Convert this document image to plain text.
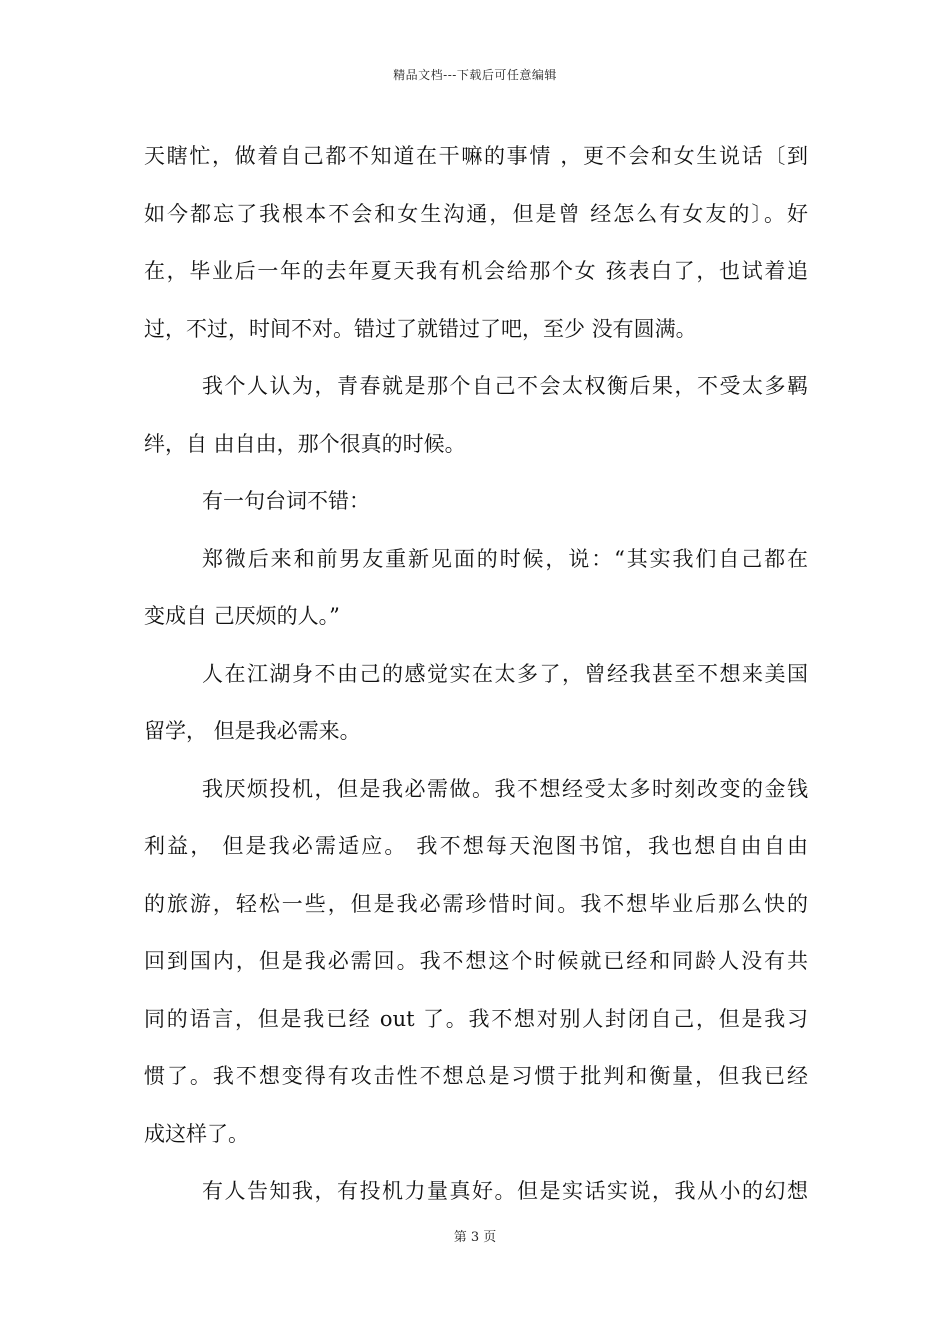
精品文档---下载后可任意编辑
天瞎忙，做着自己都不知道在干嘛的事情 ，更不会和女生说话〔到
如今都忘了我根本不会和女生沟通，但是曾 经怎么有女友的〕。好
在，毕业后一年的去年夏天我有机会给那个女 孩表白了，也试着追
过，不过，时间不对。错过了就错过了吧，至少 没有圆满。
我个人认为，青春就是那个自己不会太权衡后果，不受太多羁
绊，自 由自由，那个很真的时候。
有一句台词不错：
郑微后来和前男友重新见面的时候，说：“其实我们自己都在
变成自 己厌烦的人。”
人在江湖身不由己的感觉实在太多了，曾经我甚至不想来美国
留学， 但是我必需来。
我厌烦投机，但是我必需做。我不想经受太多时刻改变的金钱
利益， 但是我必需适应。 我不想每天泡图书馆，我也想自由自由
的旅游，轻松一些，但是我必需珍惜时间。我不想毕业后那么快的
回到国内，但是我必需回。我不想这个时候就已经和同龄人没有共
同的语言，但是我已经 out 了。我不想对别人封闭自己，但是我习
惯了。我不想变得有攻击性不想总是习惯于批判和衡量，但我已经
成这样了。
有人告知我，有投机力量真好。但是实话实说，我从小的幻想
第 3 页
